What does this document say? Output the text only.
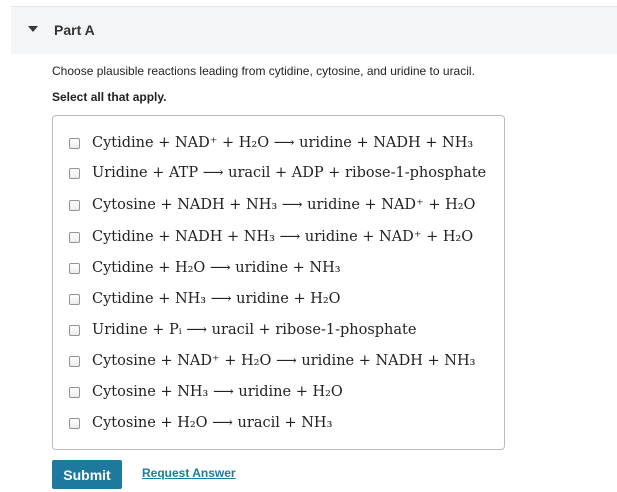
Part A
Choose plausible reactions leading from cytidine, cytosine, and uridine to uracil.
Select all that apply.
Cytidine + NAD⁺ + H₂O ⟶ uridine + NADH + NH₃
Uridine + ATP ⟶ uracil + ADP + ribose-1-phosphate
Cytosine + NADH + NH₃ ⟶ uridine + NAD⁺ + H₂O
Cytidine + NADH + NH₃ ⟶ uridine + NAD⁺ + H₂O
Cytidine + H₂O ⟶ uridine + NH₃
Cytidine + NH₃ ⟶ uridine + H₂O
Uridine + Pᵢ ⟶ uracil + ribose-1-phosphate
Cytosine + NAD⁺ + H₂O ⟶ uridine + NADH + NH₃
Cytosine + NH₃ ⟶ uridine + H₂O
Cytosine + H₂O ⟶ uracil + NH₃
Submit	Request Answer
